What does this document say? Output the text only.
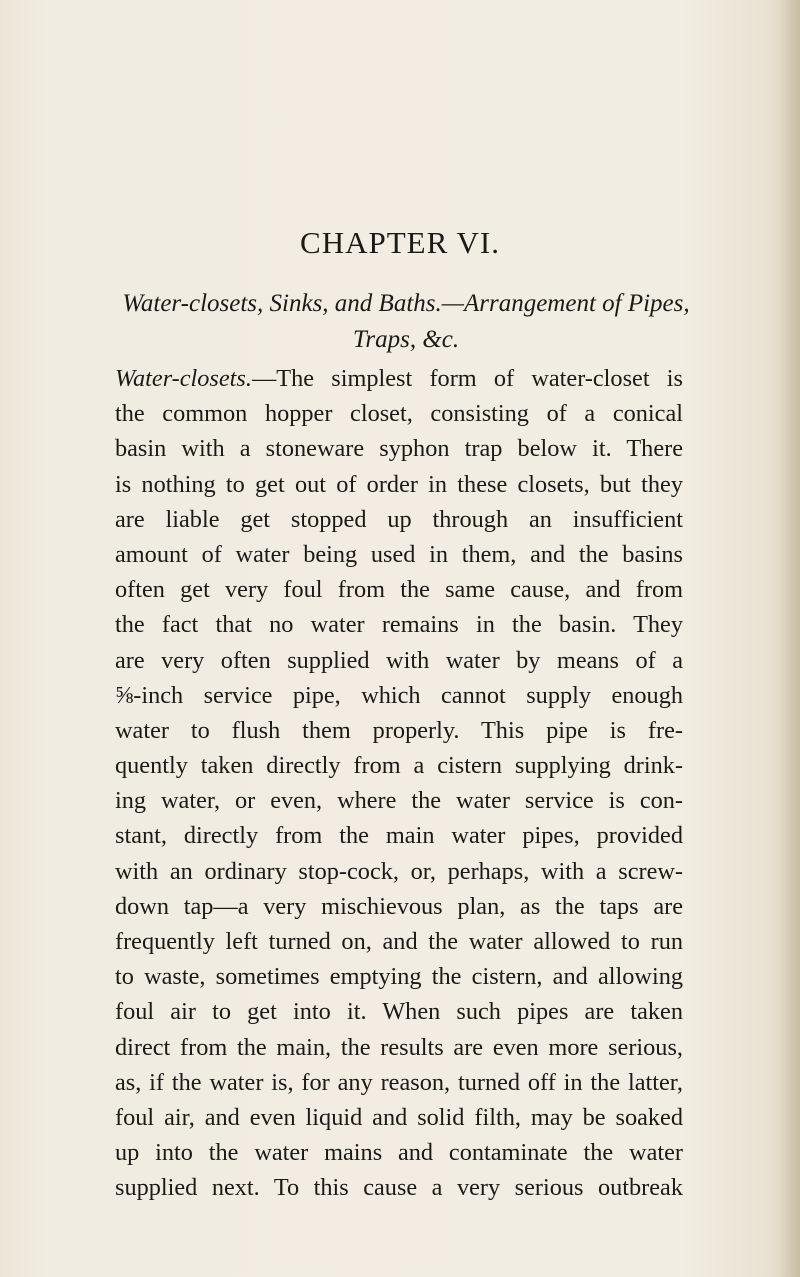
CHAPTER VI.
Water-closets, Sinks, and Baths.—Arrangement of Pipes,
Traps, &c.
Water-closets.—The simplest form of water-closet is
the common hopper closet, consisting of a conical
basin with a stoneware syphon trap below it. There
is nothing to get out of order in these closets, but they
are liable get stopped up through an insufficient
amount of water being used in them, and the basins
often get very foul from the same cause, and from
the fact that no water remains in the basin. They
are very often supplied with water by means of a
⅝-inch service pipe, which cannot supply enough
water to flush them properly. This pipe is fre-
quently taken directly from a cistern supplying drink-
ing water, or even, where the water service is con-
stant, directly from the main water pipes, provided
with an ordinary stop-cock, or, perhaps, with a screw-
down tap—a very mischievous plan, as the taps are
frequently left turned on, and the water allowed to run
to waste, sometimes emptying the cistern, and allowing
foul air to get into it. When such pipes are taken
direct from the main, the results are even more serious,
as, if the water is, for any reason, turned off in the latter,
foul air, and even liquid and solid filth, may be soaked
up into the water mains and contaminate the water
supplied next. To this cause a very serious outbreak
